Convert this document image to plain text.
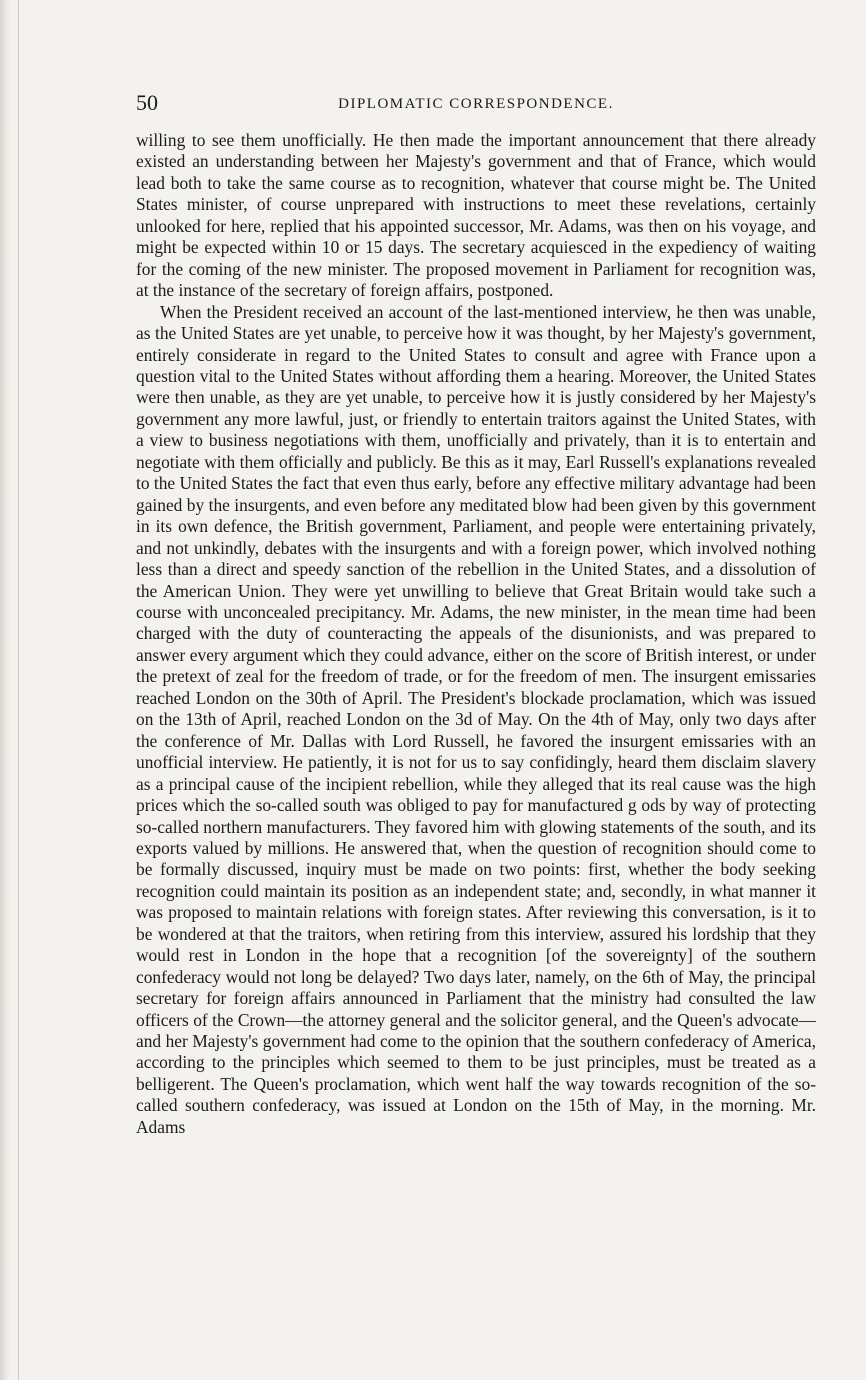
50	DIPLOMATIC CORRESPONDENCE.

willing to see them unofficially. He then made the important announcement that there already existed an understanding between her Majesty's government and that of France, which would lead both to take the same course as to recognition, whatever that course might be. The United States minister, of course unprepared with instructions to meet these revelations, certainly unlooked for here, replied that his appointed successor, Mr. Adams, was then on his voyage, and might be expected within 10 or 15 days. The secretary acquiesced in the expediency of waiting for the coming of the new minister. The proposed movement in Parliament for recognition was, at the instance of the secretary of foreign affairs, postponed.

When the President received an account of the last-mentioned interview, he then was unable, as the United States are yet unable, to perceive how it was thought, by her Majesty's government, entirely considerate in regard to the United States to consult and agree with France upon a question vital to the United States without affording them a hearing. Moreover, the United States were then unable, as they are yet unable, to perceive how it is justly considered by her Majesty's government any more lawful, just, or friendly to entertain traitors against the United States, with a view to business negotiations with them, unofficially and privately, than it is to entertain and negotiate with them officially and publicly. Be this as it may, Earl Russell's explanations revealed to the United States the fact that even thus early, before any effective military advantage had been gained by the insurgents, and even before any meditated blow had been given by this government in its own defence, the British government, Parliament, and people were entertaining privately, and not unkindly, debates with the insurgents and with a foreign power, which involved nothing less than a direct and speedy sanction of the rebellion in the United States, and a dissolution of the American Union. They were yet unwilling to believe that Great Britain would take such a course with unconcealed precipitancy. Mr. Adams, the new minister, in the mean time had been charged with the duty of counteracting the appeals of the disunionists, and was prepared to answer every argument which they could advance, either on the score of British interest, or under the pretext of zeal for the freedom of trade, or for the freedom of men. The insurgent emissaries reached London on the 30th of April. The President's blockade proclamation, which was issued on the 13th of April, reached London on the 3d of May. On the 4th of May, only two days after the conference of Mr. Dallas with Lord Russell, he favored the insurgent emissaries with an unofficial interview. He patiently, it is not for us to say confidingly, heard them disclaim slavery as a principal cause of the incipient rebellion, while they alleged that its real cause was the high prices which the so-called south was obliged to pay for manufactured g ods by way of protecting so-called northern manufacturers. They favored him with glowing statements of the south, and its exports valued by millions. He answered that, when the question of recognition should come to be formally discussed, inquiry must be made on two points: first, whether the body seeking recognition could maintain its position as an independent state; and, secondly, in what manner it was proposed to maintain relations with foreign states. After reviewing this conversation, is it to be wondered at that the traitors, when retiring from this interview, assured his lordship that they would rest in London in the hope that a recognition [of the sovereignty] of the southern confederacy would not long be delayed? Two days later, namely, on the 6th of May, the principal secretary for foreign affairs announced in Parliament that the ministry had consulted the law officers of the Crown—the attorney general and the solicitor general, and the Queen's advocate—and her Majesty's government had come to the opinion that the southern confederacy of America, according to the principles which seemed to them to be just principles, must be treated as a belligerent. The Queen's proclamation, which went half the way towards recognition of the so-called southern confederacy, was issued at London on the 15th of May, in the morning. Mr. Adams
